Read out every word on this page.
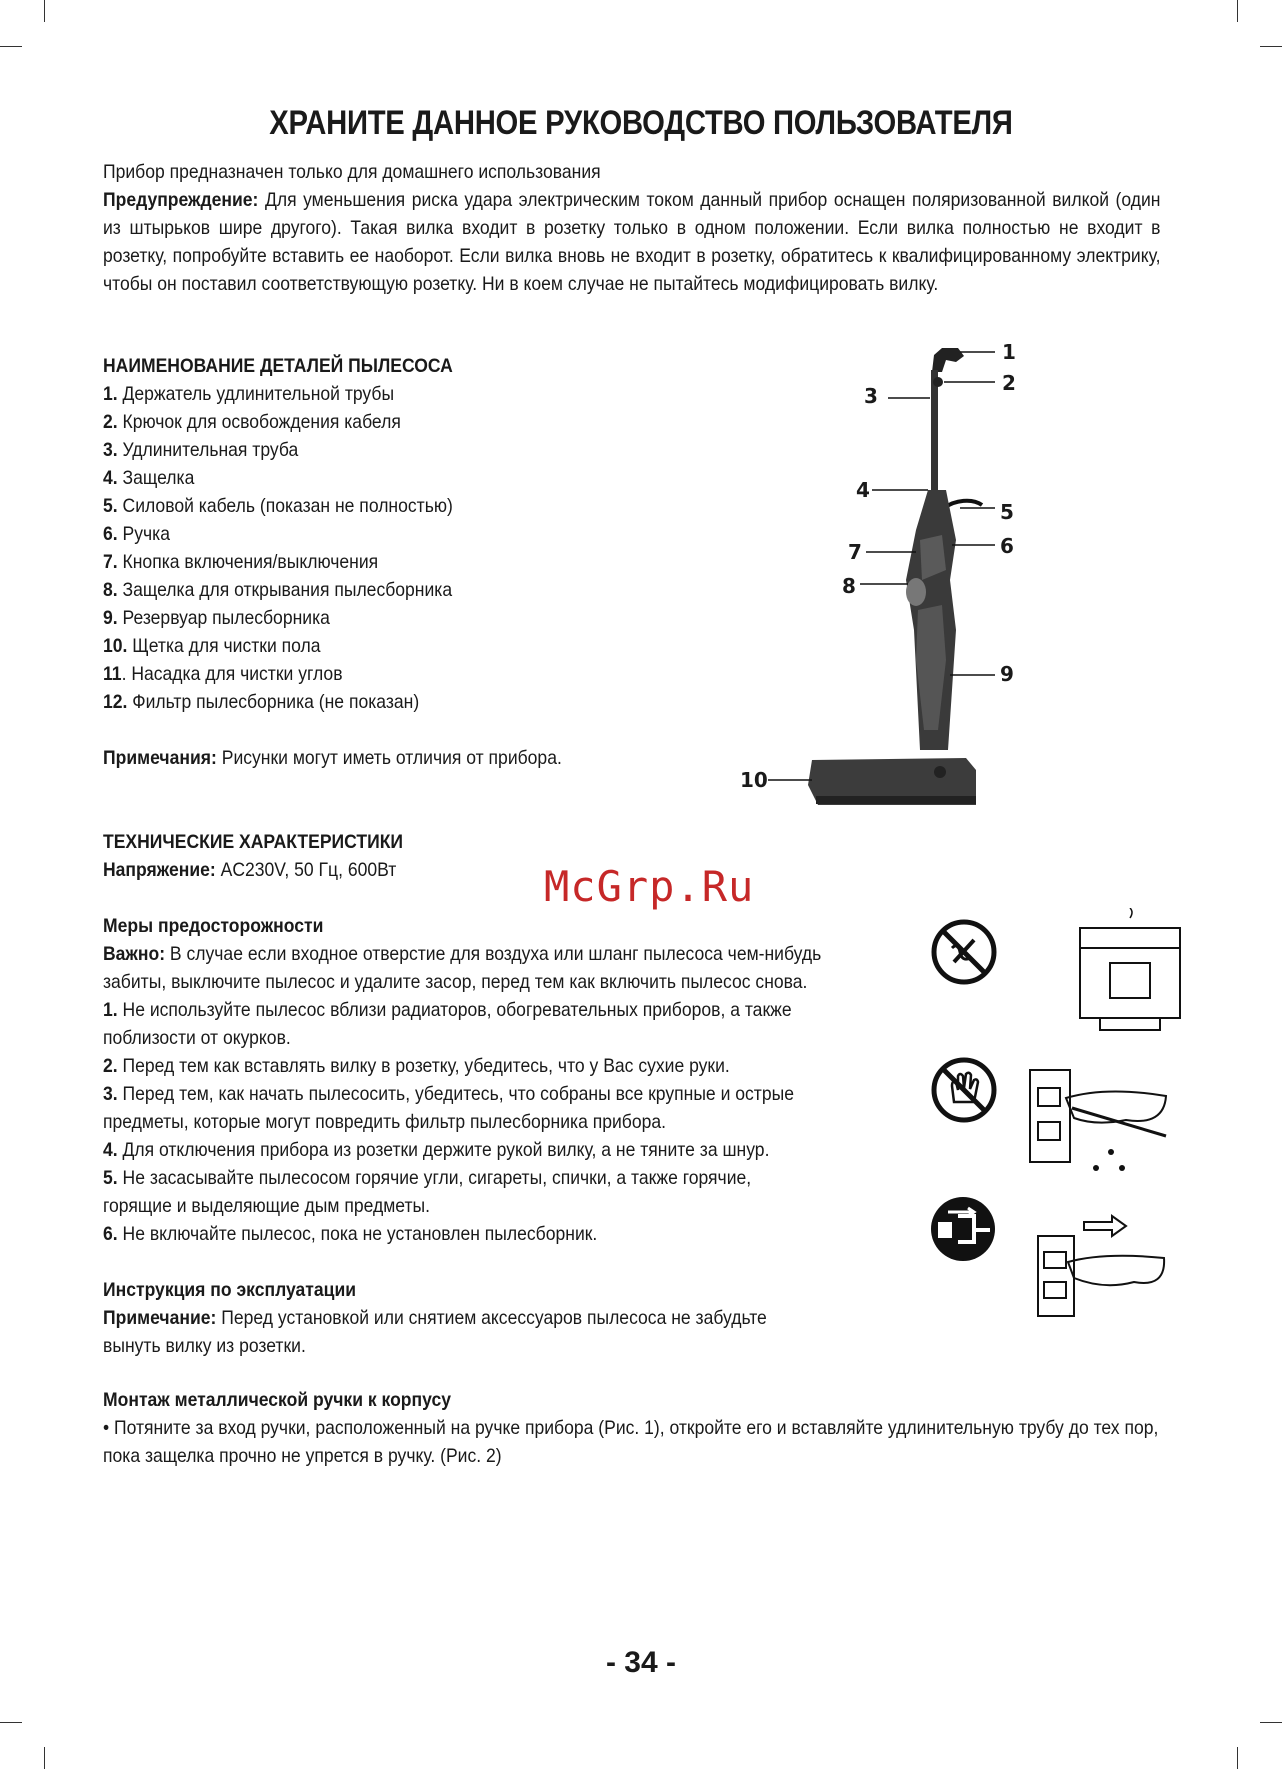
ХРАНИТЕ ДАННОЕ РУКОВОДСТВО ПОЛЬЗОВАТЕЛЯ

Прибор предназначен только для домашнего использования

Предупреждение: Для уменьшения риска удара электрическим током данный прибор оснащен поляризованной вилкой (один из штырьков шире другого). Такая вилка входит в розетку только в одном положении. Если вилка полностью не входит в розетку, попробуйте вставить ее наоборот. Если вилка вновь не входит в розетку, обратитесь к квалифицированному электрику, чтобы он поставил соответствующую розетку. Ни в коем случае не пытайтесь модифицировать вилку.

НАИМЕНОВАНИЕ ДЕТАЛЕЙ ПЫЛЕСОСА
1. Держатель удлинительной трубы
2. Крючок для освобождения кабеля
3. Удлинительная труба
4. Защелка
5. Силовой кабель (показан не полностью)
6. Ручка
7. Кнопка включения/выключения
8. Защелка для открывания пылесборника
9. Резервуар пылесборника
10. Щетка для чистки пола
11. Насадка для чистки углов
12. Фильтр пылесборника (не показан)

Примечания: Рисунки могут иметь отличия от прибора.

1
2
3
4
5
6
7
8
9
10
ТЕХНИЧЕСКИЕ ХАРАКТЕРИСТИКИ

Напряжение: AC230V, 50 Гц, 600Вт	McGrp.Ru
Меры предосторожности

Важно: В случае если входное отверстие для воздуха или шланг пылесоса чем-нибудь забиты, выключите пылесос и удалите засор, перед тем как включить пылесос снова.

1. Не используйте пылесос вблизи радиаторов, обогревательных приборов, а также поблизости от окурков.

2. Перед тем как вставлять вилку в розетку, убедитесь, что у Вас сухие руки.

3. Перед тем, как начать пылесосить, убедитесь, что собраны все крупные и острые предметы, которые могут повредить фильтр пылесборника прибора.

4. Для отключения прибора из розетки держите рукой вилку, а не тяните за шнур.

5. Не засасывайте пылесосом горячие угли, сигареты, спички, а также горячие, горящие и выделяющие дым предметы.

6. Не включайте пылесос, пока не установлен пылесборник.

Инструкция по эксплуатации

Примечание: Перед установкой или снятием аксессуаров пылесоса не забудьте вынуть вилку из розетки.

Монтаж металлической ручки к корпусу

• Потяните за вход ручки, расположенный на ручке прибора (Рис. 1), откройте его и вставляйте удлинительную трубу до тех пор, пока защелка прочно не упрется в ручку. (Рис. 2)

- 34 -
